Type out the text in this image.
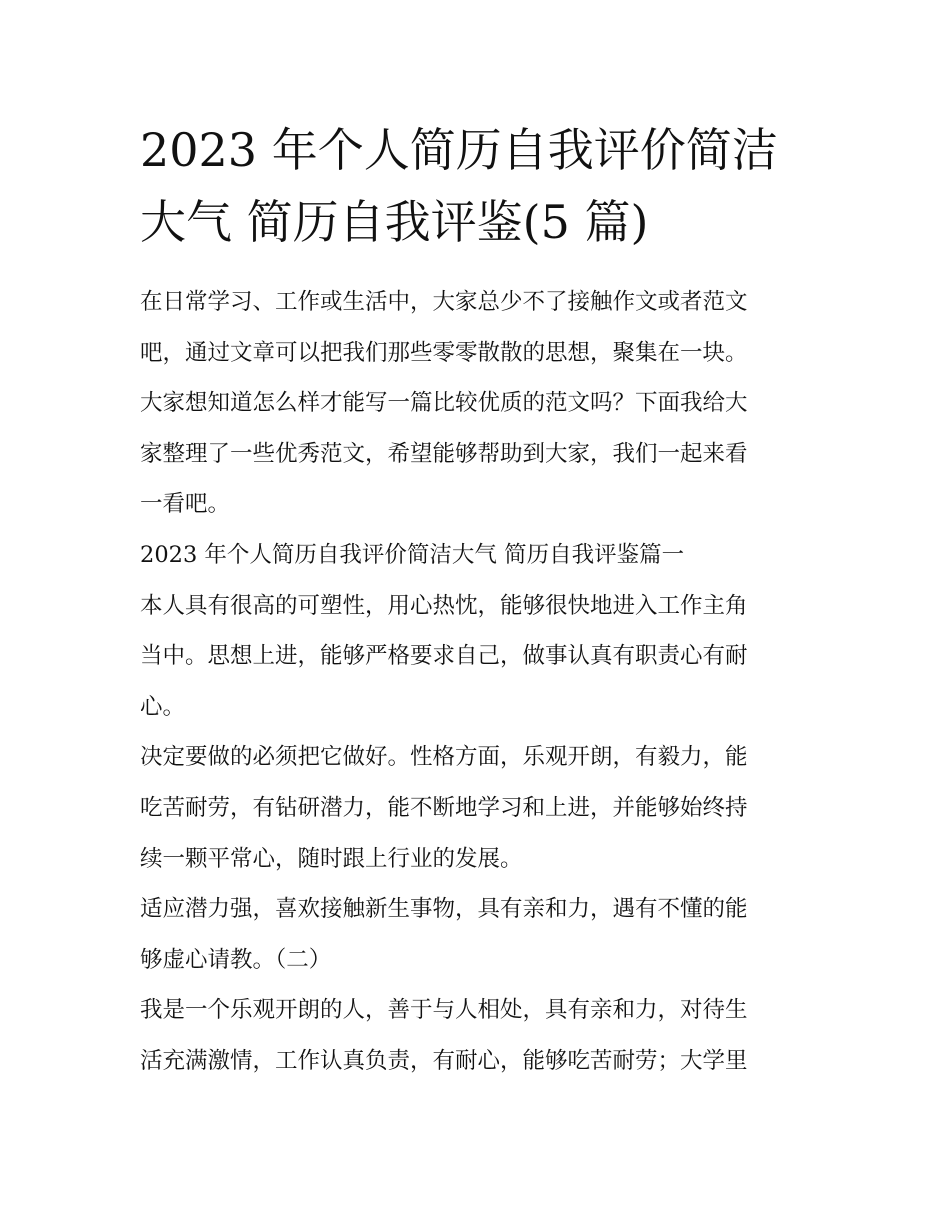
2023 年个人简历自我评价简洁
大气 简历自我评鉴(5 篇)
在日常学习、工作或生活中，大家总少不了接触作文或者范文
吧，通过文章可以把我们那些零零散散的思想，聚集在一块。
大家想知道怎么样才能写一篇比较优质的范文吗？下面我给大
家整理了一些优秀范文，希望能够帮助到大家，我们一起来看
一看吧。
2023 年个人简历自我评价简洁大气 简历自我评鉴篇一
本人具有很高的可塑性，用心热忱，能够很快地进入工作主角
当中。思想上进，能够严格要求自己，做事认真有职责心有耐
心。
决定要做的必须把它做好。性格方面，乐观开朗，有毅力，能
吃苦耐劳，有钻研潜力，能不断地学习和上进，并能够始终持
续一颗平常心，随时跟上行业的发展。
适应潜力强，喜欢接触新生事物，具有亲和力，遇有不懂的能
够虚心请教。（二）
我是一个乐观开朗的人，善于与人相处，具有亲和力，对待生
活充满激情，工作认真负责，有耐心，能够吃苦耐劳；大学里
